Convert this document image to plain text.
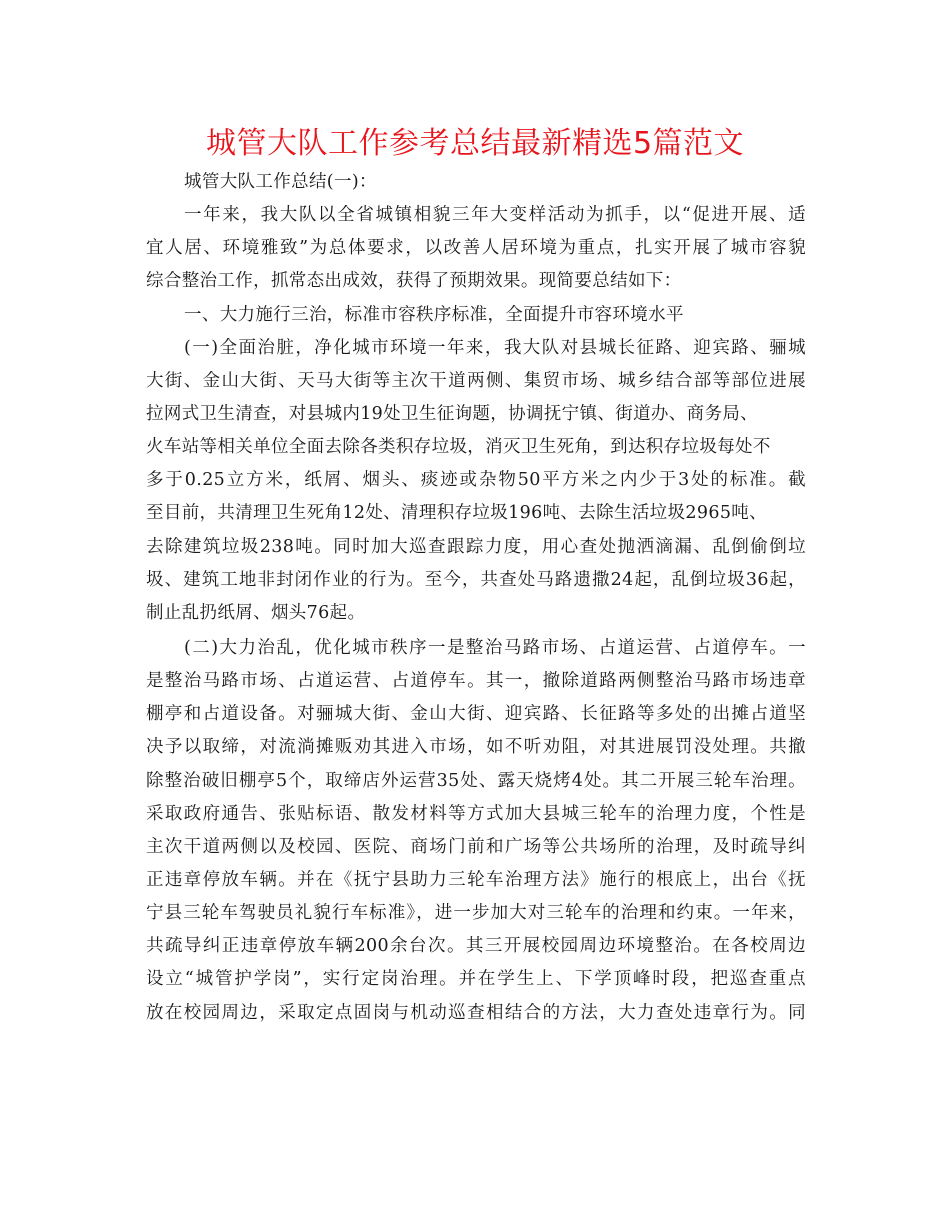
城管大队工作参考总结最新精选5篇范文
城管大队工作总结(一)：
一年来，我大队以全省城镇相貌三年大变样活动为抓手，以“促进开展、适
宜人居、环境雅致”为总体要求，以改善人居环境为重点，扎实开展了城市容貌
综合整治工作，抓常态出成效，获得了预期效果。现简要总结如下：
一、大力施行三治，标准市容秩序标准，全面提升市容环境水平
(一)全面治脏，净化城市环境一年来，我大队对县城长征路、迎宾路、骊城
大街、金山大街、天马大街等主次干道两侧、集贸市场、城乡结合部等部位进展
拉网式卫生清查，对县城内19处卫生征询题，协调抚宁镇、街道办、商务局、
火车站等相关单位全面去除各类积存垃圾，消灭卫生死角，到达积存垃圾每处不
多于0.25立方米，纸屑、烟头、痰迹或杂物50平方米之内少于3处的标准。截
至目前，共清理卫生死角12处、清理积存垃圾196吨、去除生活垃圾2965吨、
去除建筑垃圾238吨。同时加大巡查跟踪力度，用心查处抛洒滴漏、乱倒偷倒垃
圾、建筑工地非封闭作业的行为。至今，共查处马路遗撒24起，乱倒垃圾36起，
制止乱扔纸屑、烟头76起。
(二)大力治乱，优化城市秩序一是整治马路市场、占道运营、占道停车。一
是整治马路市场、占道运营、占道停车。其一，撤除道路两侧整治马路市场违章
棚亭和占道设备。对骊城大街、金山大街、迎宾路、长征路等多处的出摊占道坚
决予以取缔，对流淌摊贩劝其进入市场，如不听劝阻，对其进展罚没处理。共撤
除整治破旧棚亭5个，取缔店外运营35处、露天烧烤4处。其二开展三轮车治理。
采取政府通告、张贴标语、散发材料等方式加大县城三轮车的治理力度，个性是
主次干道两侧以及校园、医院、商场门前和广场等公共场所的治理，及时疏导纠
正违章停放车辆。并在《抚宁县助力三轮车治理方法》施行的根底上，出台《抚
宁县三轮车驾驶员礼貌行车标准》，进一步加大对三轮车的治理和约束。一年来，
共疏导纠正违章停放车辆200余台次。其三开展校园周边环境整治。在各校周边
设立“城管护学岗”，实行定岗治理。并在学生上、下学顶峰时段，把巡查重点
放在校园周边，采取定点固岗与机动巡查相结合的方法，大力查处违章行为。同
